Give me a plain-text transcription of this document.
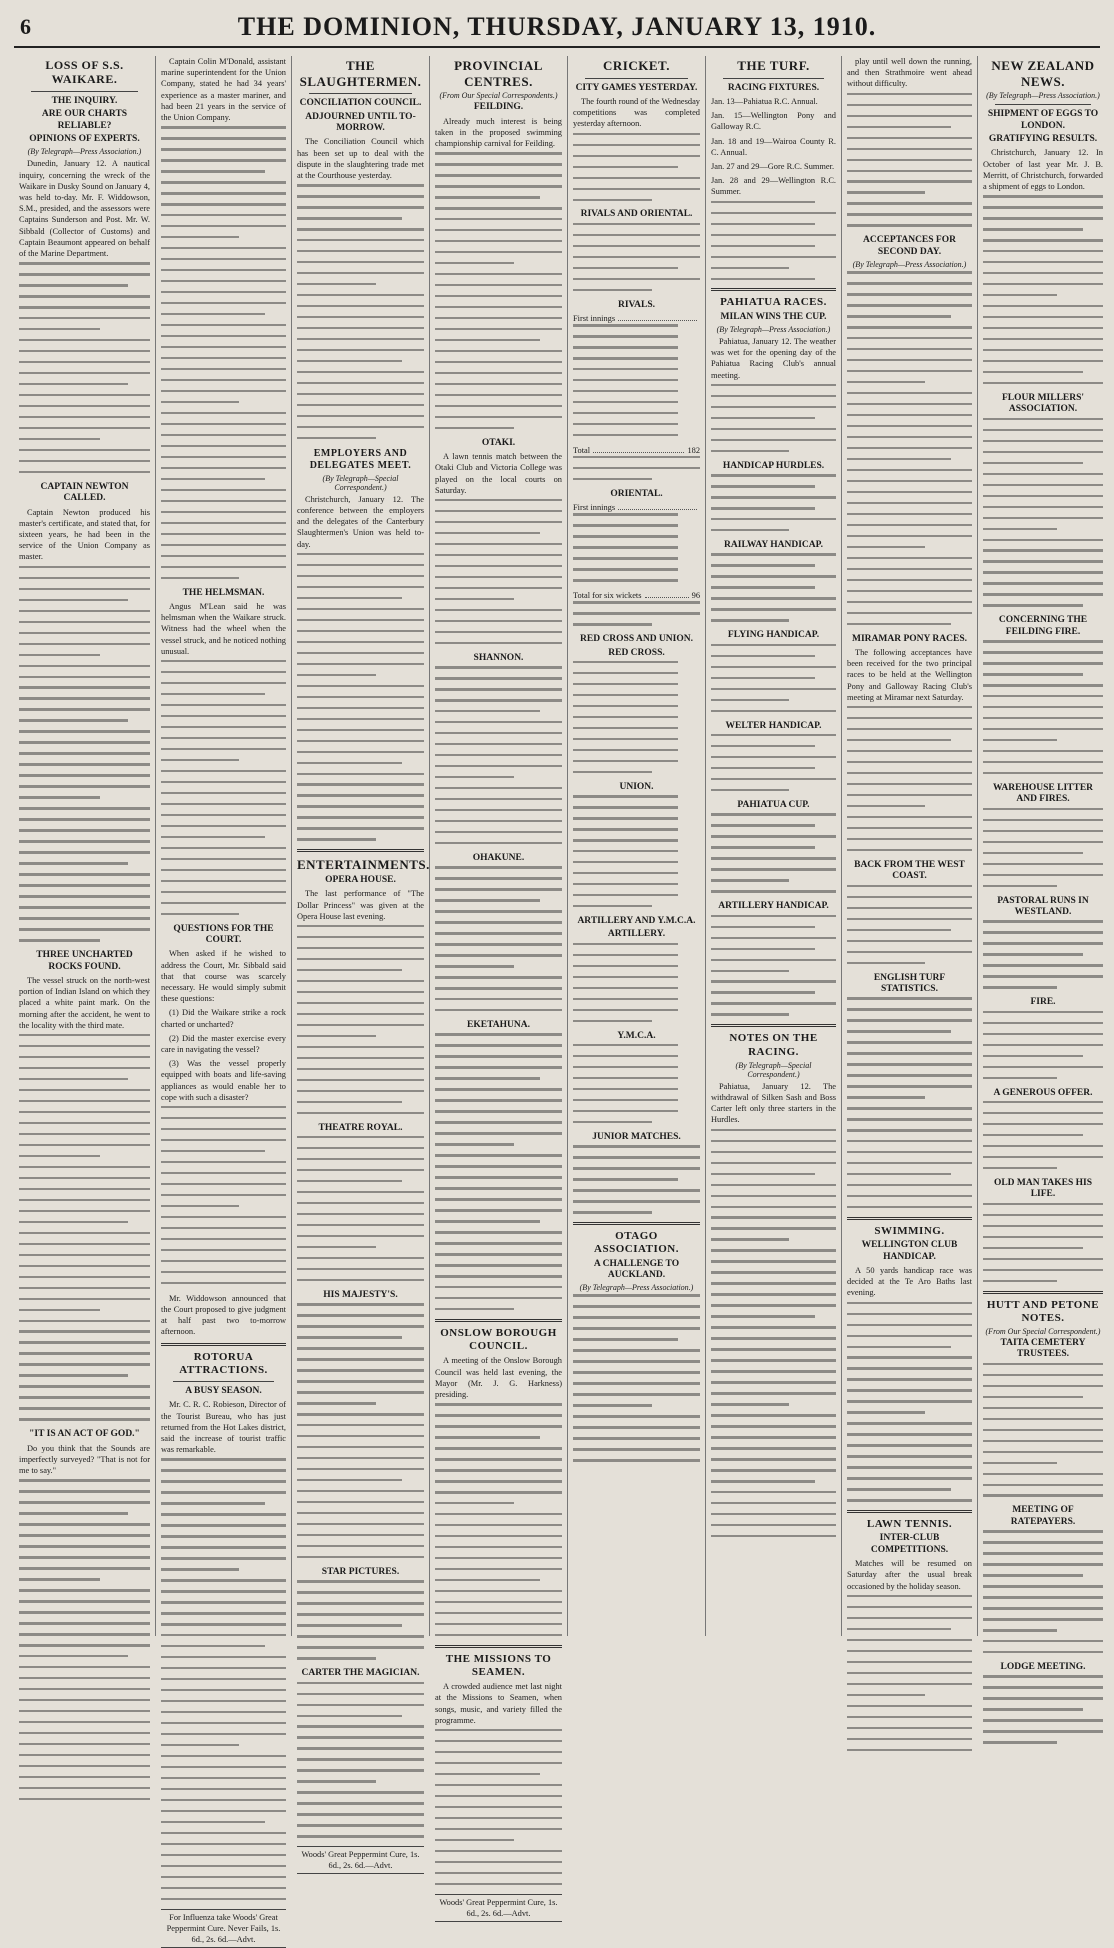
6	THE DOMINION, THURSDAY, JANUARY 13, 1910.
LOSS OF S.S. WAIKARE.
THE INQUIRY.
ARE OUR CHARTS RELIABLE?
OPINIONS OF EXPERTS.
(By Telegraph—Press Association.)

Dunedin, January 12. A nautical inquiry, concerning the wreck of the Waikare in Dusky Sound on January 4, was held to-day. Mr. F. Widdowson, S.M., presided, and the assessors were Captains Sunderson and Post. Mr. W. Sibbald (Collector of Customs) and Captain Beaumont appeared on behalf of the Marine Department.

CAPTAIN NEWTON CALLED.

Captain Newton produced his master's certificate, and stated that, for sixteen years, he had been in the service of the Union Company as master.

THREE UNCHARTED ROCKS FOUND.

The vessel struck on the north-west portion of Indian Island on which they placed a white paint mark. On the morning after the accident, he went to the locality with the third mate.

"IT IS AN ACT OF GOD."

Do you think that the Sounds are imperfectly surveyed? "That is not for me to say."

Captain Colin M'Donald, assistant marine superintendent for the Union Company, stated he had 34 years' experience as a master mariner, and had been 21 years in the service of the Union Company.

THE HELMSMAN.

Angus M'Lean said he was helmsman when the Waikare struck. Witness had the wheel when the vessel struck, and he noticed nothing unusual.

QUESTIONS FOR THE COURT.

When asked if he wished to address the Court, Mr. Sibbald said that that course was scarcely necessary. He would simply submit these questions:

(1) Did the Waikare strike a rock charted or uncharted?

(2) Did the master exercise every care in navigating the vessel?

(3) Was the vessel properly equipped with boats and life-saving appliances as would enable her to cope with such a disaster?

Mr. Widdowson announced that the Court proposed to give judgment at half past two to-morrow afternoon.

ROTORUA ATTRACTIONS.
A BUSY SEASON.

Mr. C. R. C. Robieson, Director of the Tourist Bureau, who has just returned from the Hot Lakes district, said the increase of tourist traffic was remarkable.

For Influenza take Woods' Great Peppermint Cure. Never Fails, 1s. 6d., 2s. 6d.—Advt.
THE SLAUGHTERMEN.
CONCILIATION COUNCIL.
ADJOURNED UNTIL TO-MORROW.

The Conciliation Council which has been set up to deal with the dispute in the slaughtering trade met at the Courthouse yesterday.

EMPLOYERS AND DELEGATES MEET.
(By Telegraph—Special Correspondent.)

Christchurch, January 12. The conference between the employers and the delegates of the Canterbury Slaughtermen's Union was held to-day.

ENTERTAINMENTS.
OPERA HOUSE.

The last performance of "The Dollar Princess" was given at the Opera House last evening.

THEATRE ROYAL.
HIS MAJESTY'S.
STAR PICTURES.
CARTER THE MAGICIAN.
Woods' Great Peppermint Cure, 1s. 6d., 2s. 6d.—Advt.
PROVINCIAL CENTRES.
(From Our Special Correspondents.)
FEILDING.

Already much interest is being taken in the proposed swimming championship carnival for Feilding.

OTAKI.

A lawn tennis match between the Otaki Club and Victoria College was played on the local courts on Saturday.

SHANNON.
OHAKUNE.
EKETAHUNA.
ONSLOW BOROUGH COUNCIL.

A meeting of the Onslow Borough Council was held last evening, the Mayor (Mr. J. G. Harkness) presiding.

THE MISSIONS TO SEAMEN.

A crowded audience met last night at the Missions to Seamen, when songs, music, and variety filled the programme.

Woods' Great Peppermint Cure, 1s. 6d., 2s. 6d.—Advt.
CRICKET.
CITY GAMES YESTERDAY.

The fourth round of the Wednesday competitions was completed yesterday afternoon.

RIVALS AND ORIENTAL.
RIVALS.
First innings
Total	182
ORIENTAL.
First innings
Total for six wickets	96
RED CROSS AND UNION.
RED CROSS.
UNION.
ARTILLERY AND Y.M.C.A.
ARTILLERY.
Y.M.C.A.
JUNIOR MATCHES.
OTAGO ASSOCIATION.
A CHALLENGE TO AUCKLAND.
(By Telegraph—Press Association.)
THE TURF.
RACING FIXTURES.

Jan. 13—Pahiatua R.C. Annual.

Jan. 15—Wellington Pony and Galloway R.C.

Jan. 18 and 19—Wairoa County R. C. Annual.

Jan. 27 and 29—Gore R.C. Summer.

Jan. 28 and 29—Wellington R.C. Summer.

PAHIATUA RACES.
MILAN WINS THE CUP.
(By Telegraph—Press Association.)

Pahiatua, January 12. The weather was wet for the opening day of the Pahiatua Racing Club's annual meeting.

HANDICAP HURDLES.
RAILWAY HANDICAP.
FLYING HANDICAP.
WELTER HANDICAP.
PAHIATUA CUP.
ARTILLERY HANDICAP.
NOTES ON THE RACING.
(By Telegraph—Special Correspondent.)

Pahiatua, January 12. The withdrawal of Silken Sash and Boss Carter left only three starters in the Hurdles.

play until well down the running, and then Strathmoire went ahead without difficulty.

ACCEPTANCES FOR SECOND DAY.
(By Telegraph—Press Association.)
MIRAMAR PONY RACES.

The following acceptances have been received for the two principal races to be held at the Wellington Pony and Galloway Racing Club's meeting at Miramar next Saturday.

BACK FROM THE WEST COAST.
ENGLISH TURF STATISTICS.
SWIMMING.
WELLINGTON CLUB HANDICAP.

A 50 yards handicap race was decided at the Te Aro Baths last evening.

LAWN TENNIS.
INTER-CLUB COMPETITIONS.

Matches will be resumed on Saturday after the usual break occasioned by the holiday season.

NEW ZEALAND NEWS.
(By Telegraph—Press Association.)
SHIPMENT OF EGGS TO LONDON.
GRATIFYING RESULTS.

Christchurch, January 12. In October of last year Mr. J. B. Merritt, of Christchurch, forwarded a shipment of eggs to London.

FLOUR MILLERS' ASSOCIATION.
CONCERNING THE FEILDING FIRE.
WAREHOUSE LITTER AND FIRES.
PASTORAL RUNS IN WESTLAND.
FIRE.
A GENEROUS OFFER.
OLD MAN TAKES HIS LIFE.
HUTT AND PETONE NOTES.
(From Our Special Correspondent.)
TAITA CEMETERY TRUSTEES.
MEETING OF RATEPAYERS.
LODGE MEETING.
